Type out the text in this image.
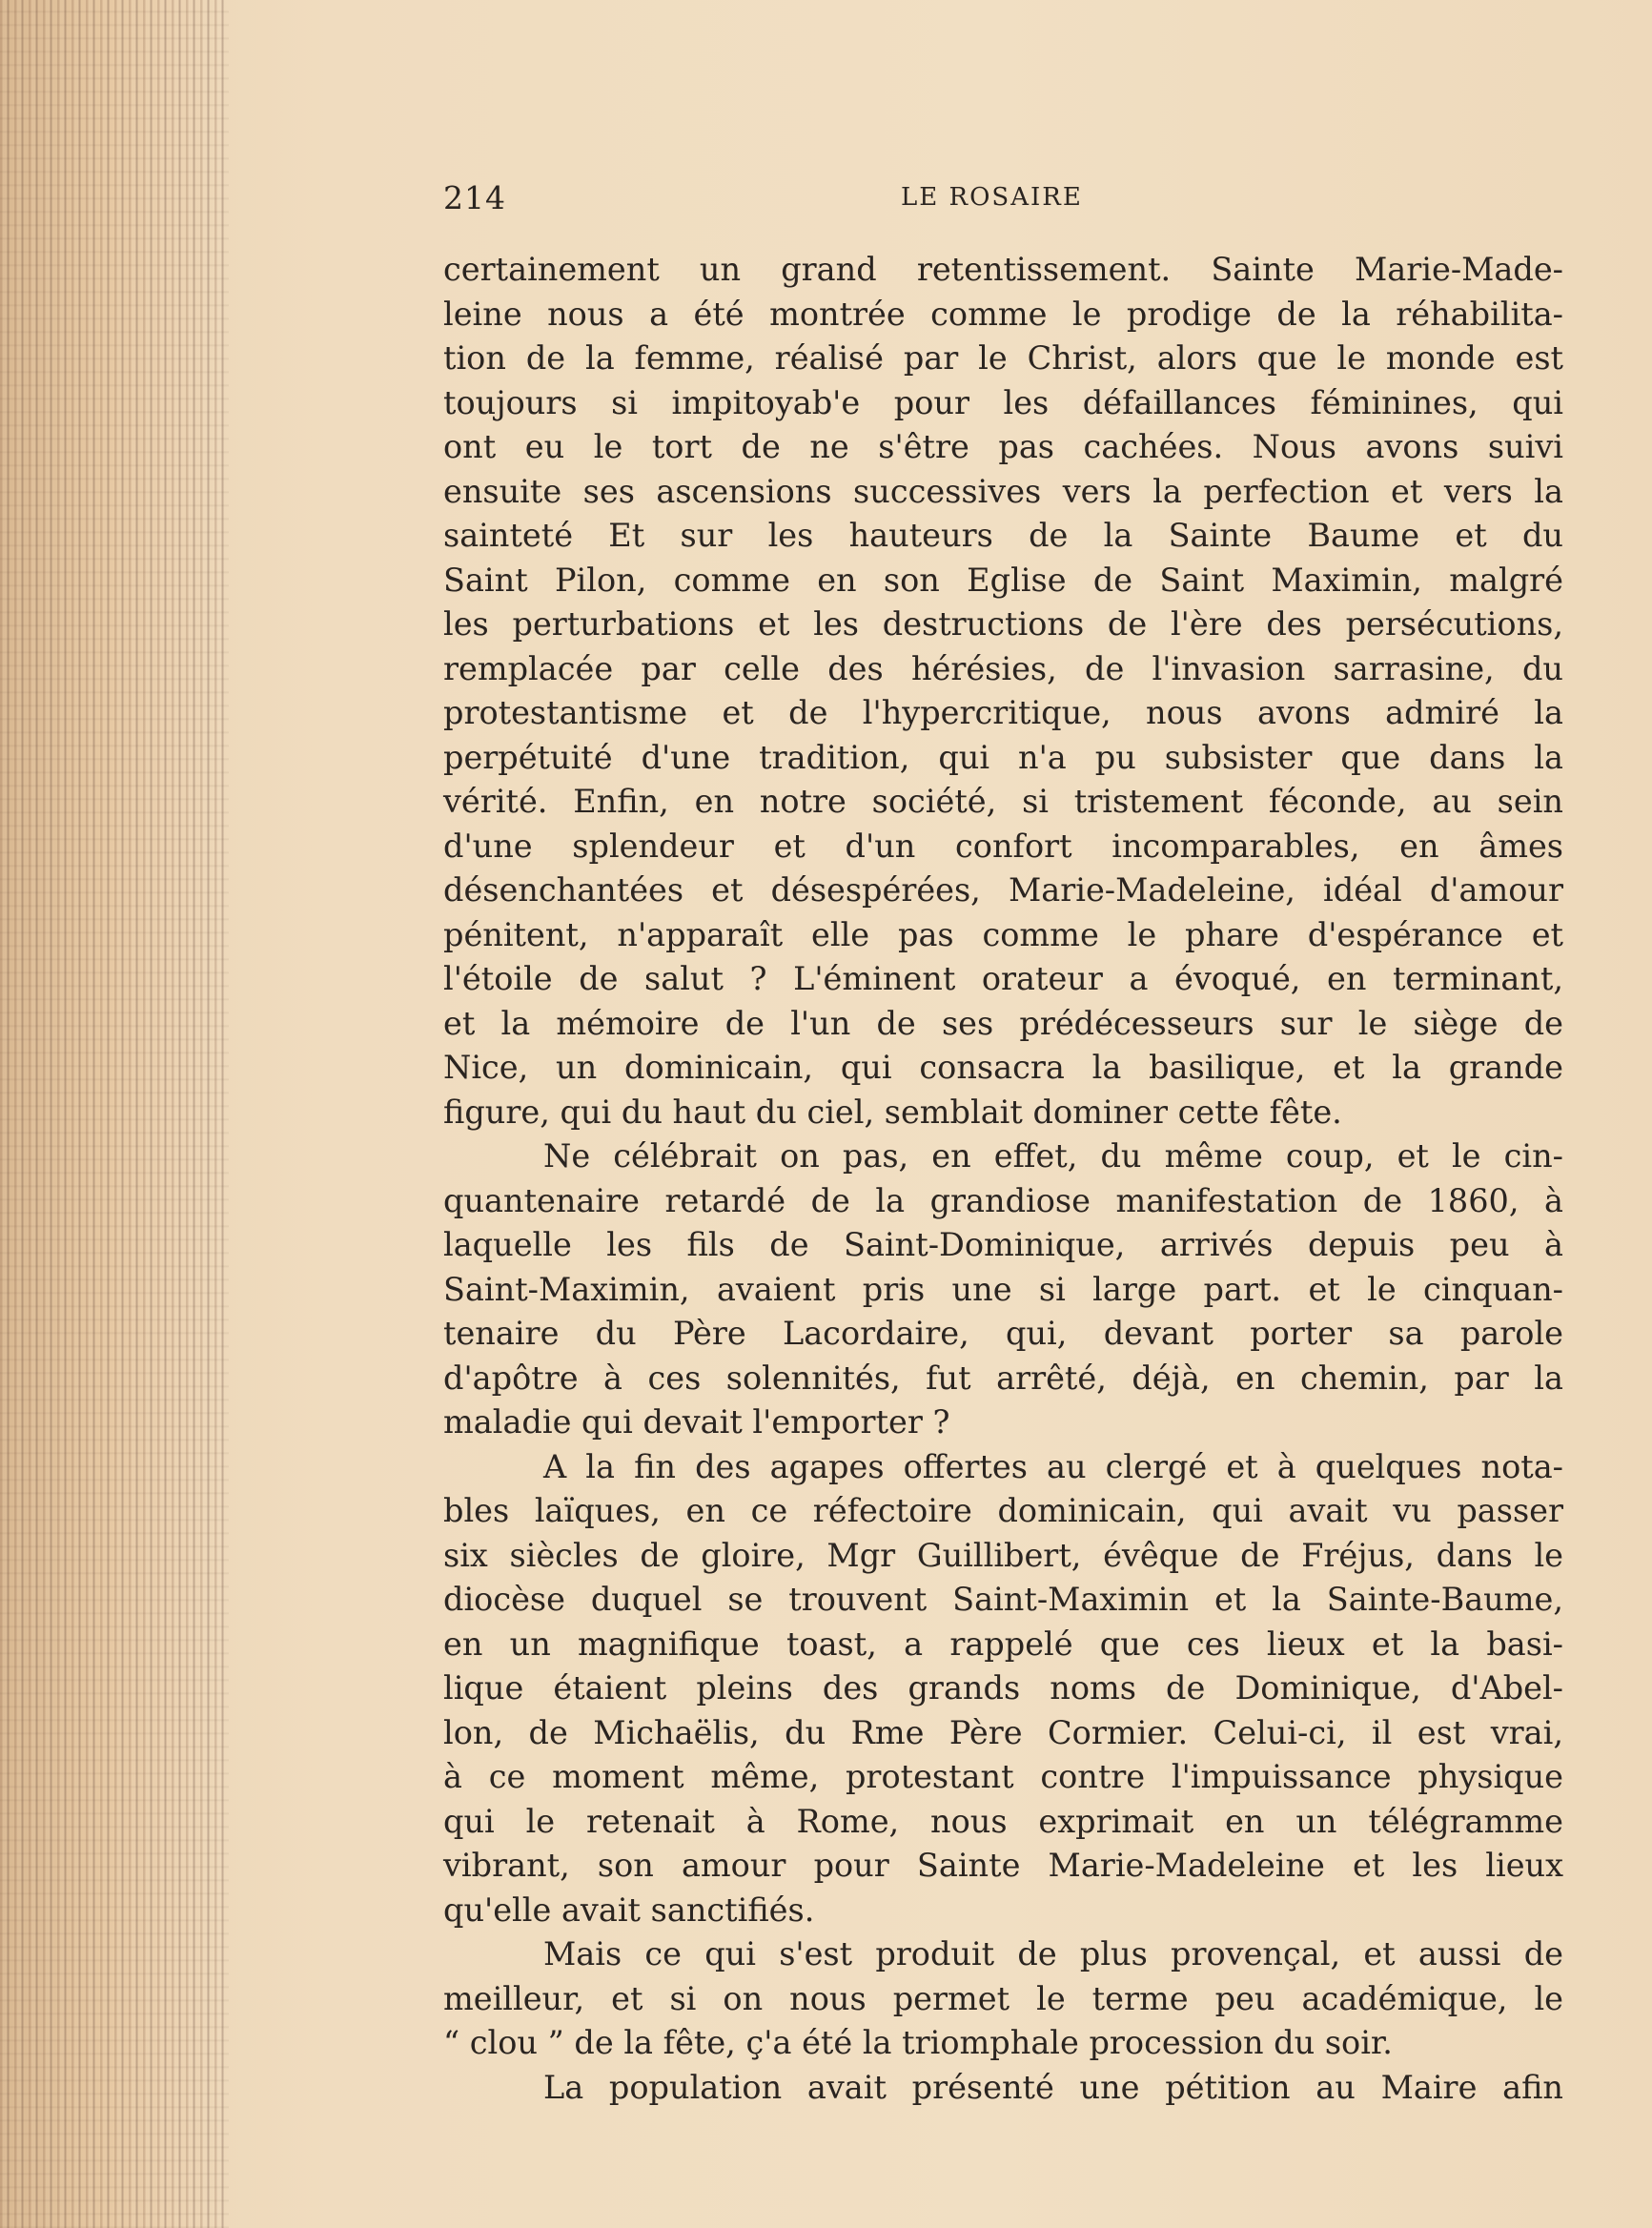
214	LE ROSAIRE
certainement un grand retentissement. Sainte Marie-Made-
leine nous a été montrée comme le prodige de la réhabilita-
tion de la femme, réalisé par le Christ, alors que le monde est
toujours si impitoyab'e pour les défaillances féminines, qui
ont eu le tort de ne s'être pas cachées. Nous avons suivi
ensuite ses ascensions successives vers la perfection et vers la
sainteté Et sur les hauteurs de la Sainte Baume et du
Saint Pilon, comme en son Eglise de Saint Maximin, malgré
les perturbations et les destructions de l'ère des persécutions,
remplacée par celle des hérésies, de l'invasion sarrasine, du
protestantisme et de l'hypercritique, nous avons admiré la
perpétuité d'une tradition, qui n'a pu subsister que dans la
vérité. Enfin, en notre société, si tristement féconde, au sein
d'une splendeur et d'un confort incomparables, en âmes
désenchantées et désespérées, Marie-Madeleine, idéal d'amour
pénitent, n'apparaît elle pas comme le phare d'espérance et
l'étoile de salut ? L'éminent orateur a évoqué, en terminant,
et la mémoire de l'un de ses prédécesseurs sur le siège de
Nice, un dominicain, qui consacra la basilique, et la grande
figure, qui du haut du ciel, semblait dominer cette fête.
Ne célébrait on pas, en effet, du même coup, et le cin-
quantenaire retardé de la grandiose manifestation de 1860, à
laquelle les fils de Saint-Dominique, arrivés depuis peu à
Saint-Maximin, avaient pris une si large part. et le cinquan-
tenaire du Père Lacordaire, qui, devant porter sa parole
d'apôtre à ces solennités, fut arrêté, déjà, en chemin, par la
maladie qui devait l'emporter ?
A la fin des agapes offertes au clergé et à quelques nota-
bles laïques, en ce réfectoire dominicain, qui avait vu passer
six siècles de gloire, Mgr Guillibert, évêque de Fréjus, dans le
diocèse duquel se trouvent Saint-Maximin et la Sainte-Baume,
en un magnifique toast, a rappelé que ces lieux et la basi-
lique étaient pleins des grands noms de Dominique, d'Abel-
lon, de Michaëlis, du Rme Père Cormier. Celui-ci, il est vrai,
à ce moment même, protestant contre l'impuissance physique
qui le retenait à Rome, nous exprimait en un télégramme
vibrant, son amour pour Sainte Marie-Madeleine et les lieux
qu'elle avait sanctifiés.
Mais ce qui s'est produit de plus provençal, et aussi de
meilleur, et si on nous permet le terme peu académique, le
“ clou ” de la fête, ç'a été la triomphale procession du soir.
La population avait présenté une pétition au Maire afin
